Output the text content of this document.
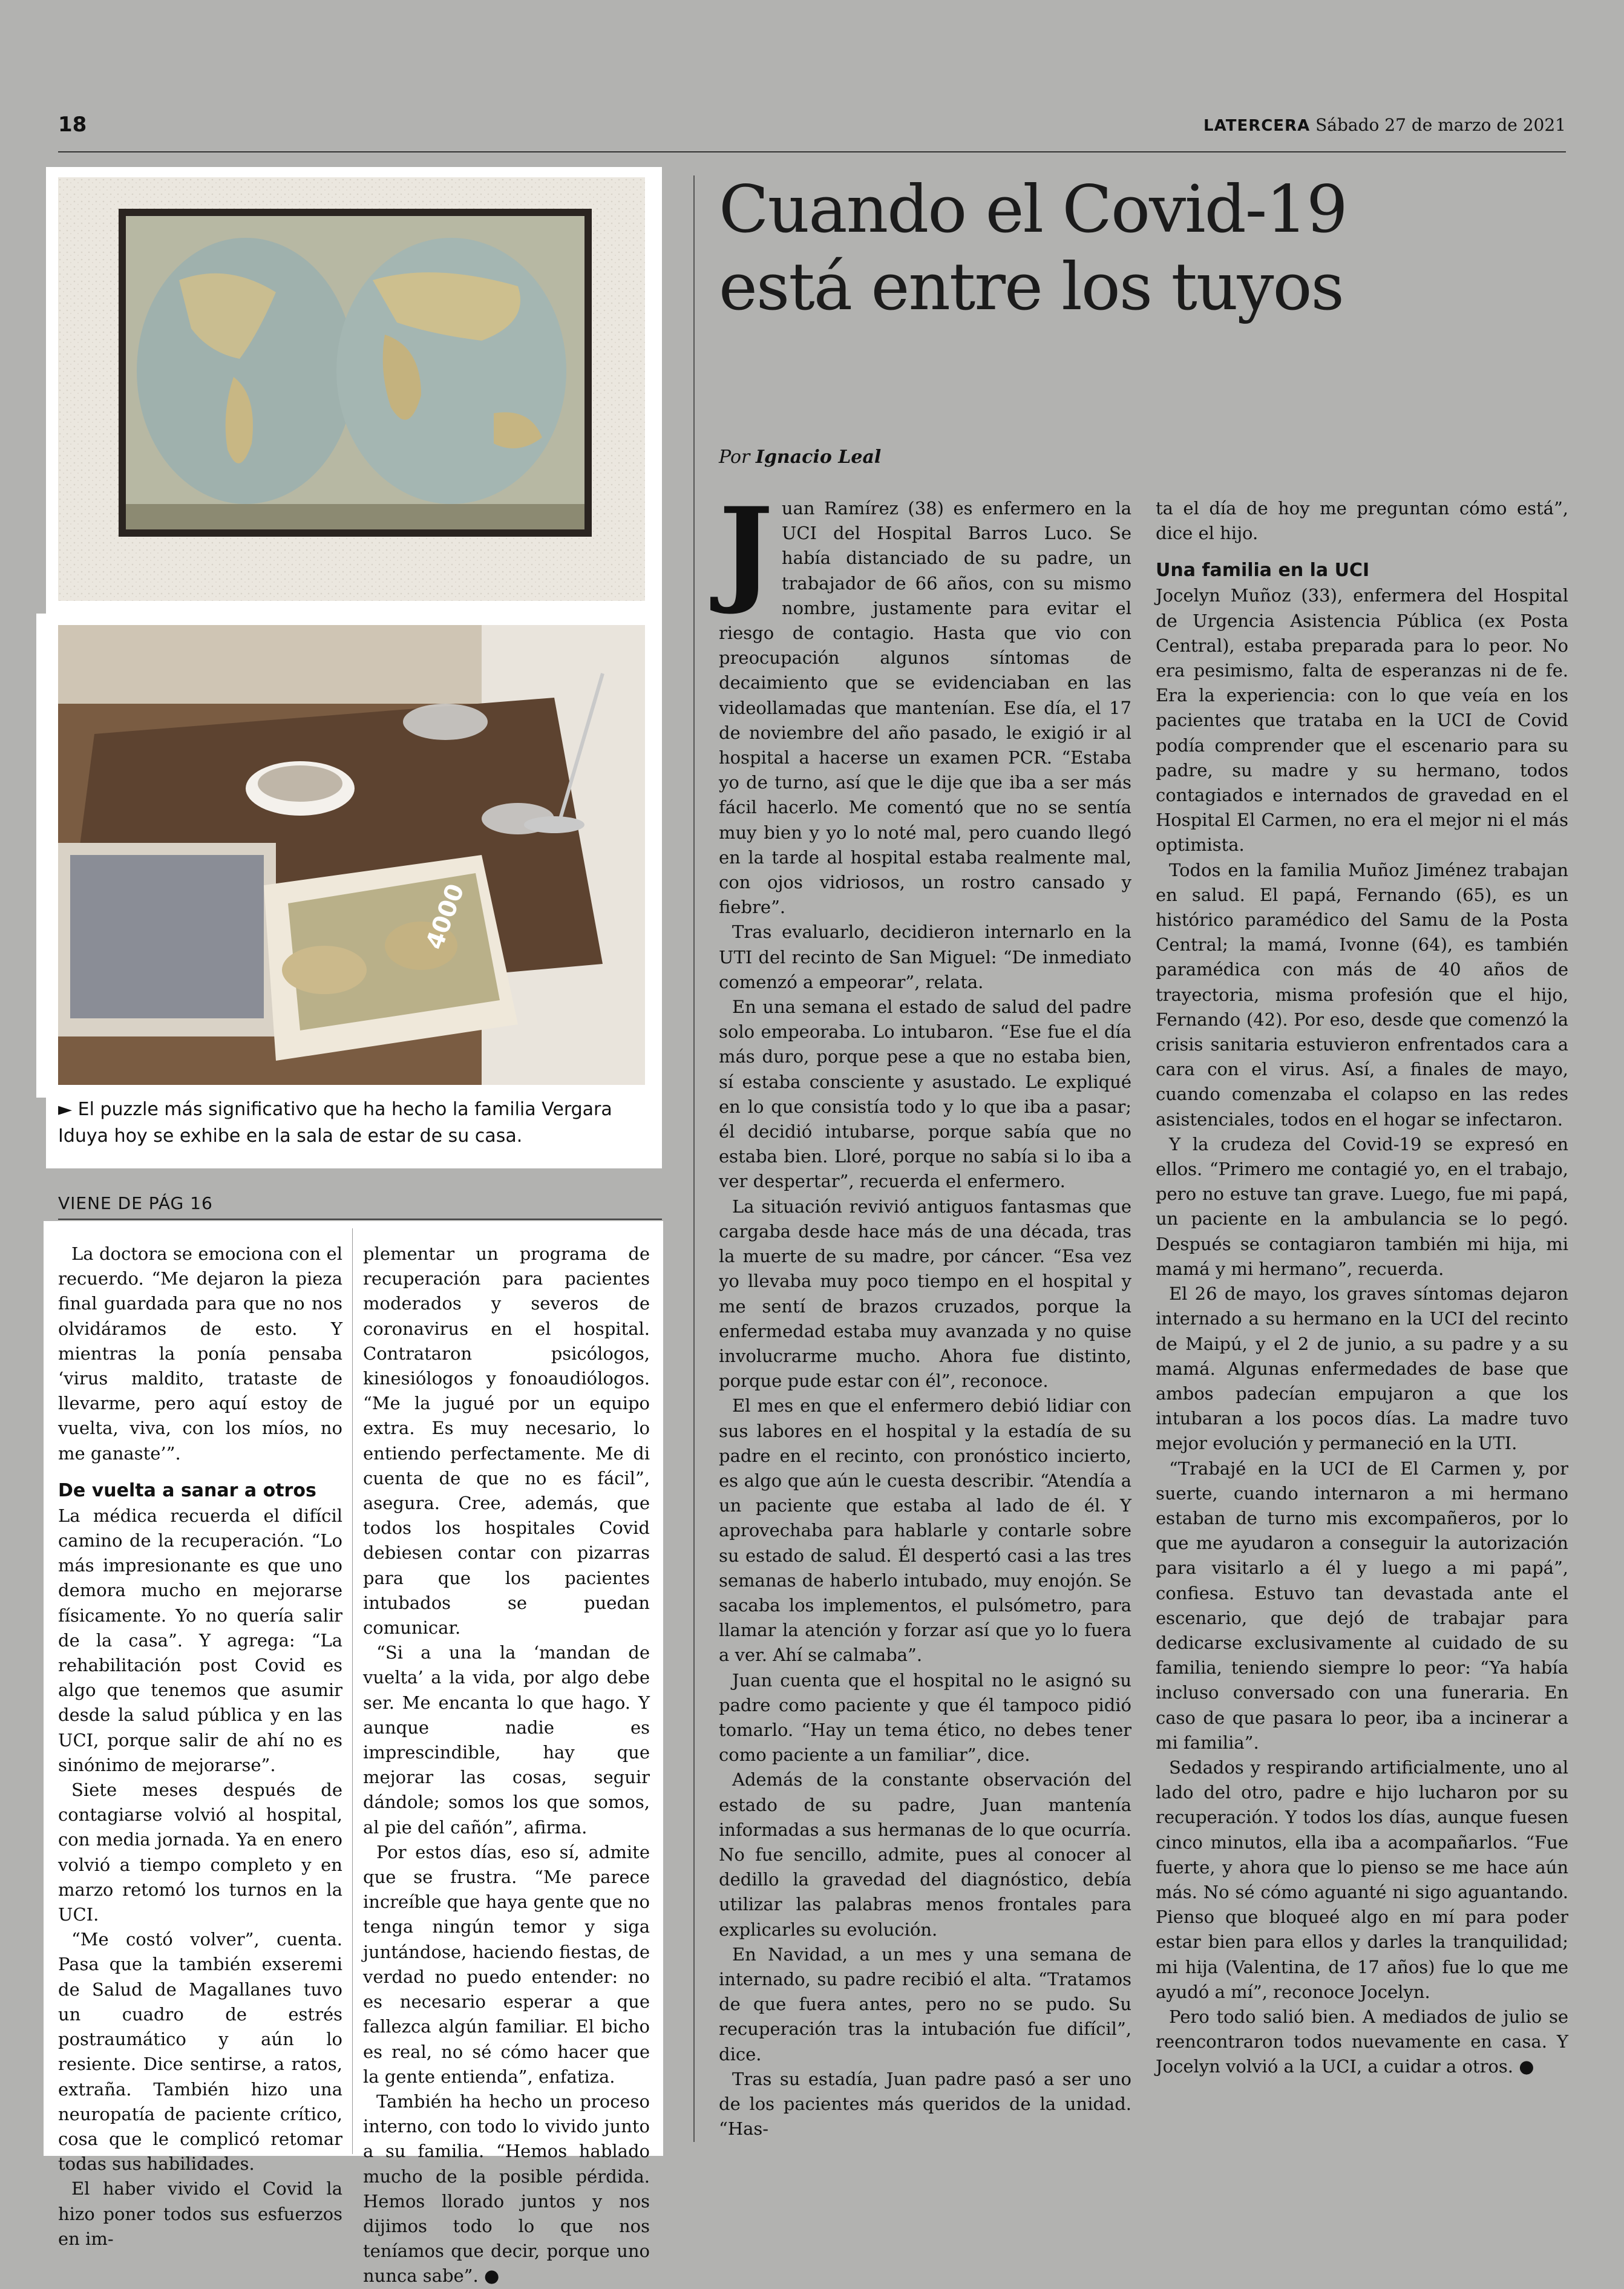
18	LATERCERA Sábado 27 de marzo de 2021
4000
► El puzzle más significativo que ha hecho la familia Vergara Iduya hoy se exhibe en la sala de estar de su casa.
VIENE DE PÁG 16

La doctora se emociona con el recuerdo. “Me dejaron la pieza final guardada para que no nos olvidáramos de esto. Y mientras la ponía pensaba ‘virus maldito, trataste de llevarme, pero aquí estoy de vuelta, viva, con los míos, no me ganaste’”.

De vuelta a sanar a otros

La médica recuerda el difícil camino de la recuperación. “Lo más impresionante es que uno demora mucho en mejorarse físicamente. Yo no quería salir de la casa”. Y agrega: “La rehabilitación post Covid es algo que tenemos que asumir desde la salud pública y en las UCI, porque salir de ahí no es sinónimo de mejorarse”.

Siete meses después de contagiarse volvió al hospital, con media jornada. Ya en enero volvió a tiempo completo y en marzo retomó los turnos en la UCI.

“Me costó volver”, cuenta. Pasa que la también exseremi de Salud de Magallanes tuvo un cuadro de estrés postraumático y aún lo resiente. Dice sentirse, a ratos, extraña. También hizo una neuropatía de paciente crítico, cosa que le complicó retomar todas sus habilidades.

El haber vivido el Covid la hizo poner todos sus esfuerzos en im-

plementar un programa de recuperación para pacientes moderados y severos de coronavirus en el hospital. Contrataron psicólogos, kinesiólogos y fonoaudiólogos. “Me la jugué por un equipo extra. Es muy necesario, lo entiendo perfectamente. Me di cuenta de que no es fácil”, asegura. Cree, además, que todos los hospitales Covid debiesen contar con pizarras para que los pacientes intubados se puedan comunicar.

“Si a una la ‘mandan de vuelta’ a la vida, por algo debe ser. Me encanta lo que hago. Y aunque nadie es imprescindible, hay que mejorar las cosas, seguir dándole; somos los que somos, al pie del cañón”, afirma.

Por estos días, eso sí, admite que se frustra. “Me parece increíble que haya gente que no tenga ningún temor y siga juntándose, haciendo fiestas, de verdad no puedo entender: no es necesario esperar a que fallezca algún familiar. El bicho es real, no sé cómo hacer que la gente entienda”, enfatiza.

También ha hecho un proceso interno, con todo lo vivido junto a su familia. “Hemos hablado mucho de la posible pérdida. Hemos llorado juntos y nos dijimos todo lo que nos teníamos que decir, porque uno nunca sabe”. ●

Cuando el Covid-19
está entre los tuyos
Por Ignacio Leal

Juan Ramírez (38) es enfermero en la UCI del Hospital Barros Luco. Se había distanciado de su padre, un trabajador de 66 años, con su mismo nombre, justamente para evitar el riesgo de contagio. Hasta que vio con preocupación algunos síntomas de decaimiento que se evidenciaban en las videollamadas que mantenían. Ese día, el 17 de noviembre del año pasado, le exigió ir al hospital a hacerse un examen PCR. “Estaba yo de turno, así que le dije que iba a ser más fácil hacerlo. Me comentó que no se sentía muy bien y yo lo noté mal, pero cuando llegó en la tarde al hospital estaba realmente mal, con ojos vidriosos, un rostro cansado y fiebre”.

Tras evaluarlo, decidieron internarlo en la UTI del recinto de San Miguel: “De inmediato comenzó a empeorar”, relata.

En una semana el estado de salud del padre solo empeoraba. Lo intubaron. “Ese fue el día más duro, porque pese a que no estaba bien, sí estaba consciente y asustado. Le expliqué en lo que consistía todo y lo que iba a pasar; él decidió intubarse, porque sabía que no estaba bien. Lloré, porque no sabía si lo iba a ver despertar”, recuerda el enfermero.

La situación revivió antiguos fantasmas que cargaba desde hace más de una década, tras la muerte de su madre, por cáncer. “Esa vez yo llevaba muy poco tiempo en el hospital y me sentí de brazos cruzados, porque la enfermedad estaba muy avanzada y no quise involucrarme mucho. Ahora fue distinto, porque pude estar con él”, reconoce.

El mes en que el enfermero debió lidiar con sus labores en el hospital y la estadía de su padre en el recinto, con pronóstico incierto, es algo que aún le cuesta describir. “Atendía a un paciente que estaba al lado de él. Y aprovechaba para hablarle y contarle sobre su estado de salud. Él despertó casi a las tres semanas de haberlo intubado, muy enojón. Se sacaba los implementos, el pulsómetro, para llamar la atención y forzar así que yo lo fuera a ver. Ahí se calmaba”.

Juan cuenta que el hospital no le asignó su padre como paciente y que él tampoco pidió tomarlo. “Hay un tema ético, no debes tener como paciente a un familiar”, dice.

Además de la constante observación del estado de su padre, Juan mantenía informadas a sus hermanas de lo que ocurría. No fue sencillo, admite, pues al conocer al dedillo la gravedad del diagnóstico, debía utilizar las palabras menos frontales para explicarles su evolución.

En Navidad, a un mes y una semana de internado, su padre recibió el alta. “Tratamos de que fuera antes, pero no se pudo. Su recuperación tras la intubación fue difícil”, dice.

Tras su estadía, Juan padre pasó a ser uno de los pacientes más queridos de la unidad. “Has-

ta el día de hoy me preguntan cómo está”, dice el hijo.

Una familia en la UCI

Jocelyn Muñoz (33), enfermera del Hospital de Urgencia Asistencia Pública (ex Posta Central), estaba preparada para lo peor. No era pesimismo, falta de esperanzas ni de fe. Era la experiencia: con lo que veía en los pacientes que trataba en la UCI de Covid podía comprender que el escenario para su padre, su madre y su hermano, todos contagiados e internados de gravedad en el Hospital El Carmen, no era el mejor ni el más optimista.

Todos en la familia Muñoz Jiménez trabajan en salud. El papá, Fernando (65), es un histórico paramédico del Samu de la Posta Central; la mamá, Ivonne (64), es también paramédica con más de 40 años de trayectoria, misma profesión que el hijo, Fernando (42). Por eso, desde que comenzó la crisis sanitaria estuvieron enfrentados cara a cara con el virus. Así, a finales de mayo, cuando comenzaba el colapso en las redes asistenciales, todos en el hogar se infectaron.

Y la crudeza del Covid-19 se expresó en ellos. “Primero me contagié yo, en el trabajo, pero no estuve tan grave. Luego, fue mi papá, un paciente en la ambulancia se lo pegó. Después se contagiaron también mi hija, mi mamá y mi hermano”, recuerda.

El 26 de mayo, los graves síntomas dejaron internado a su hermano en la UCI del recinto de Maipú, y el 2 de junio, a su padre y a su mamá. Algunas enfermedades de base que ambos padecían empujaron a que los intubaran a los pocos días. La madre tuvo mejor evolución y permaneció en la UTI.

“Trabajé en la UCI de El Carmen y, por suerte, cuando internaron a mi hermano estaban de turno mis excompañeros, por lo que me ayudaron a conseguir la autorización para visitarlo a él y luego a mi papá”, confiesa. Estuvo tan devastada ante el escenario, que dejó de trabajar para dedicarse exclusivamente al cuidado de su familia, teniendo siempre lo peor: “Ya había incluso conversado con una funeraria. En caso de que pasara lo peor, iba a incinerar a mi familia”.

Sedados y respirando artificialmente, uno al lado del otro, padre e hijo lucharon por su recuperación. Y todos los días, aunque fuesen cinco minutos, ella iba a acompañarlos. “Fue fuerte, y ahora que lo pienso se me hace aún más. No sé cómo aguanté ni sigo aguantando. Pienso que bloqueé algo en mí para poder estar bien para ellos y darles la tranquilidad; mi hija (Valentina, de 17 años) fue lo que me ayudó a mí”, reconoce Jocelyn.

Pero todo salió bien. A mediados de julio se reencontraron todos nuevamente en casa. Y Jocelyn volvió a la UCI, a cuidar a otros. ●
